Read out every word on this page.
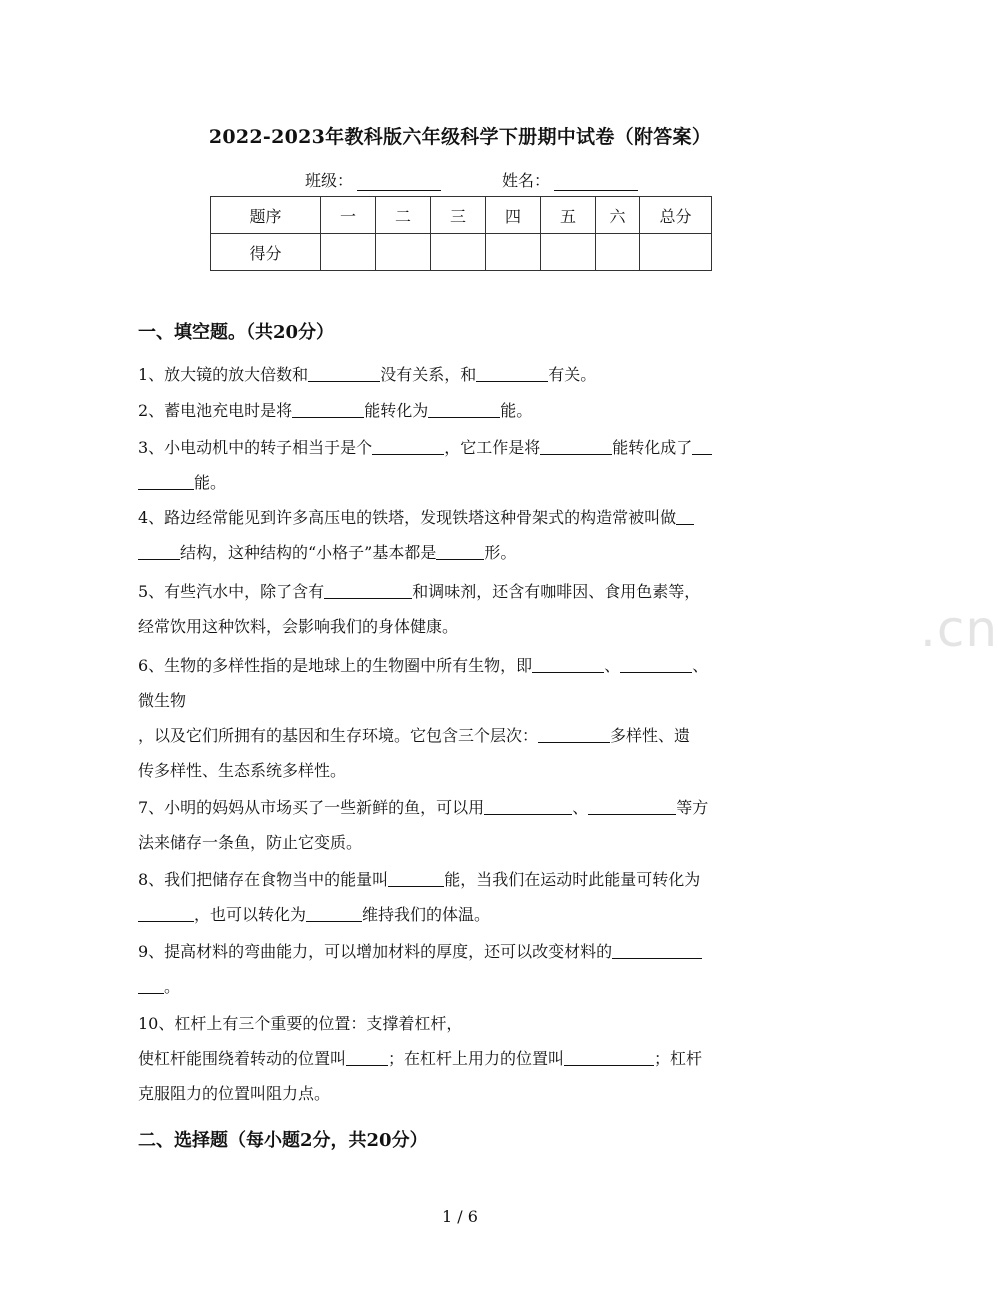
www.zixin.com.cn
2022-2023年教科版六年级科学下册期中试卷（附答案）
班级：	姓名：
题序	一	二	三	四	五	六	总分
得分							
一、填空题。（共20分）
1、放大镜的放大倍数和	没有关系，和	有关。
2、蓄电池充电时是将	能转化为	能。
3、小电动机中的转子相当于是个	，它工作是将	能转化成了
能。
4、路边经常能见到许多高压电的铁塔，发现铁塔这种骨架式的构造常被叫做
结构，这种结构的“小格子”基本都是	形。
5、有些汽水中，除了含有	和调味剂，还含有咖啡因、食用色素等，
经常饮用这种饮料，会影响我们的身体健康。
6、生物的多样性指的是地球上的生物圈中所有生物，即	、	、
微生物
，以及它们所拥有的基因和生存环境。它包含三个层次：	多样性、遗
传多样性、生态系统多样性。
7、小明的妈妈从市场买了一些新鲜的鱼，可以用	、	等方
法来储存一条鱼，防止它变质。
8、我们把储存在食物当中的能量叫	能，当我们在运动时此能量可转化为
，也可以转化为	维持我们的体温。
9、提高材料的弯曲能力，可以增加材料的厚度，还可以改变材料的
。
10、杠杆上有三个重要的位置：支撑着杠杆，
使杠杆能围绕着转动的位置叫	；在杠杆上用力的位置叫	；杠杆
克服阻力的位置叫阻力点。
二、选择题（每小题2分，共20分）
1 / 6
